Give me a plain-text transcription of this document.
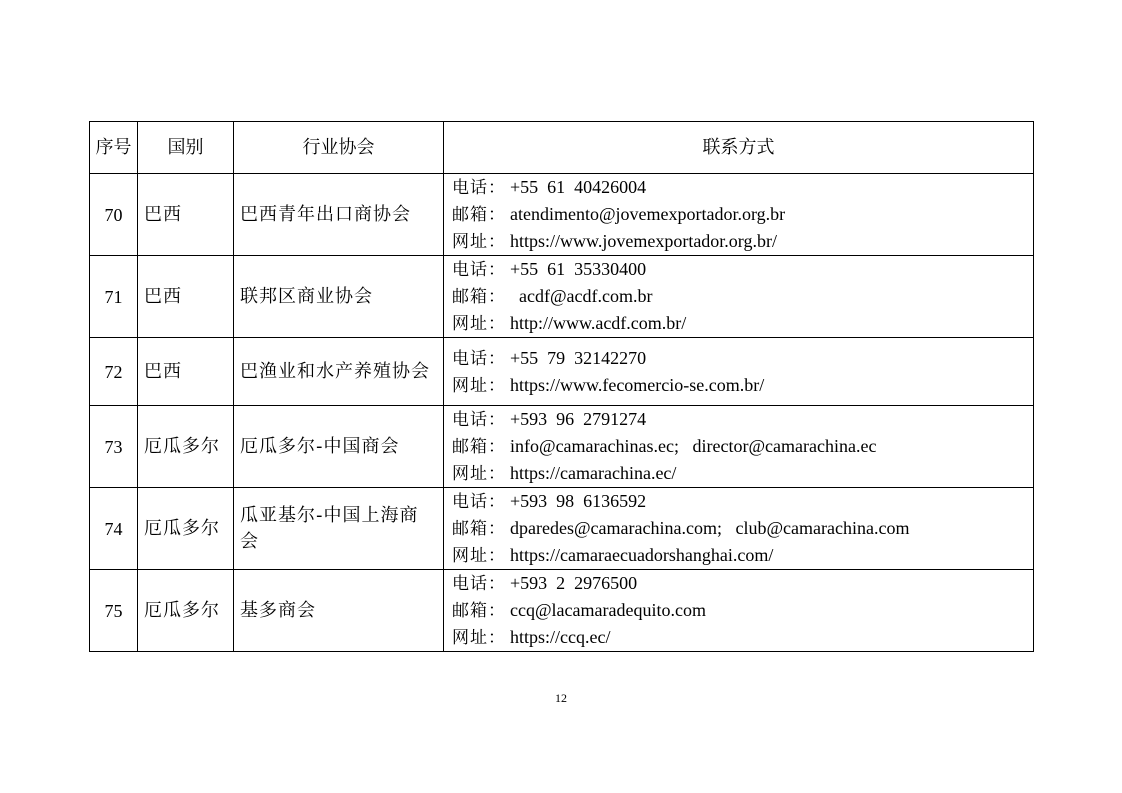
序号	国别	行业协会	联系方式
70	巴西	巴西青年出口商协会	电话： +55  61  40426004
邮箱： atendimento@jovemexportador.org.br
网址： https://www.jovemexportador.org.br/

71	巴西	联邦区商业协会	电话： +55  61  35330400
邮箱：  acdf@acdf.com.br
网址： http://www.acdf.com.br/

72	巴西	巴渔业和水产养殖协会	电话： +55  79  32142270
网址： https://www.fecomercio-se.com.br/

73	厄瓜多尔	厄瓜多尔-中国商会	电话： +593  96  2791274
邮箱： info@camarachinas.ec;   director@camarachina.ec
网址： https://camarachina.ec/

74	厄瓜多尔	瓜亚基尔-中国上海商会	电话： +593  98  6136592
邮箱： dparedes@camarachina.com;   club@camarachina.com
网址： https://camaraecuadorshanghai.com/

75	厄瓜多尔	基多商会	电话： +593  2  2976500
邮箱： ccq@lacamaradequito.com
网址： https://ccq.ec/
12
